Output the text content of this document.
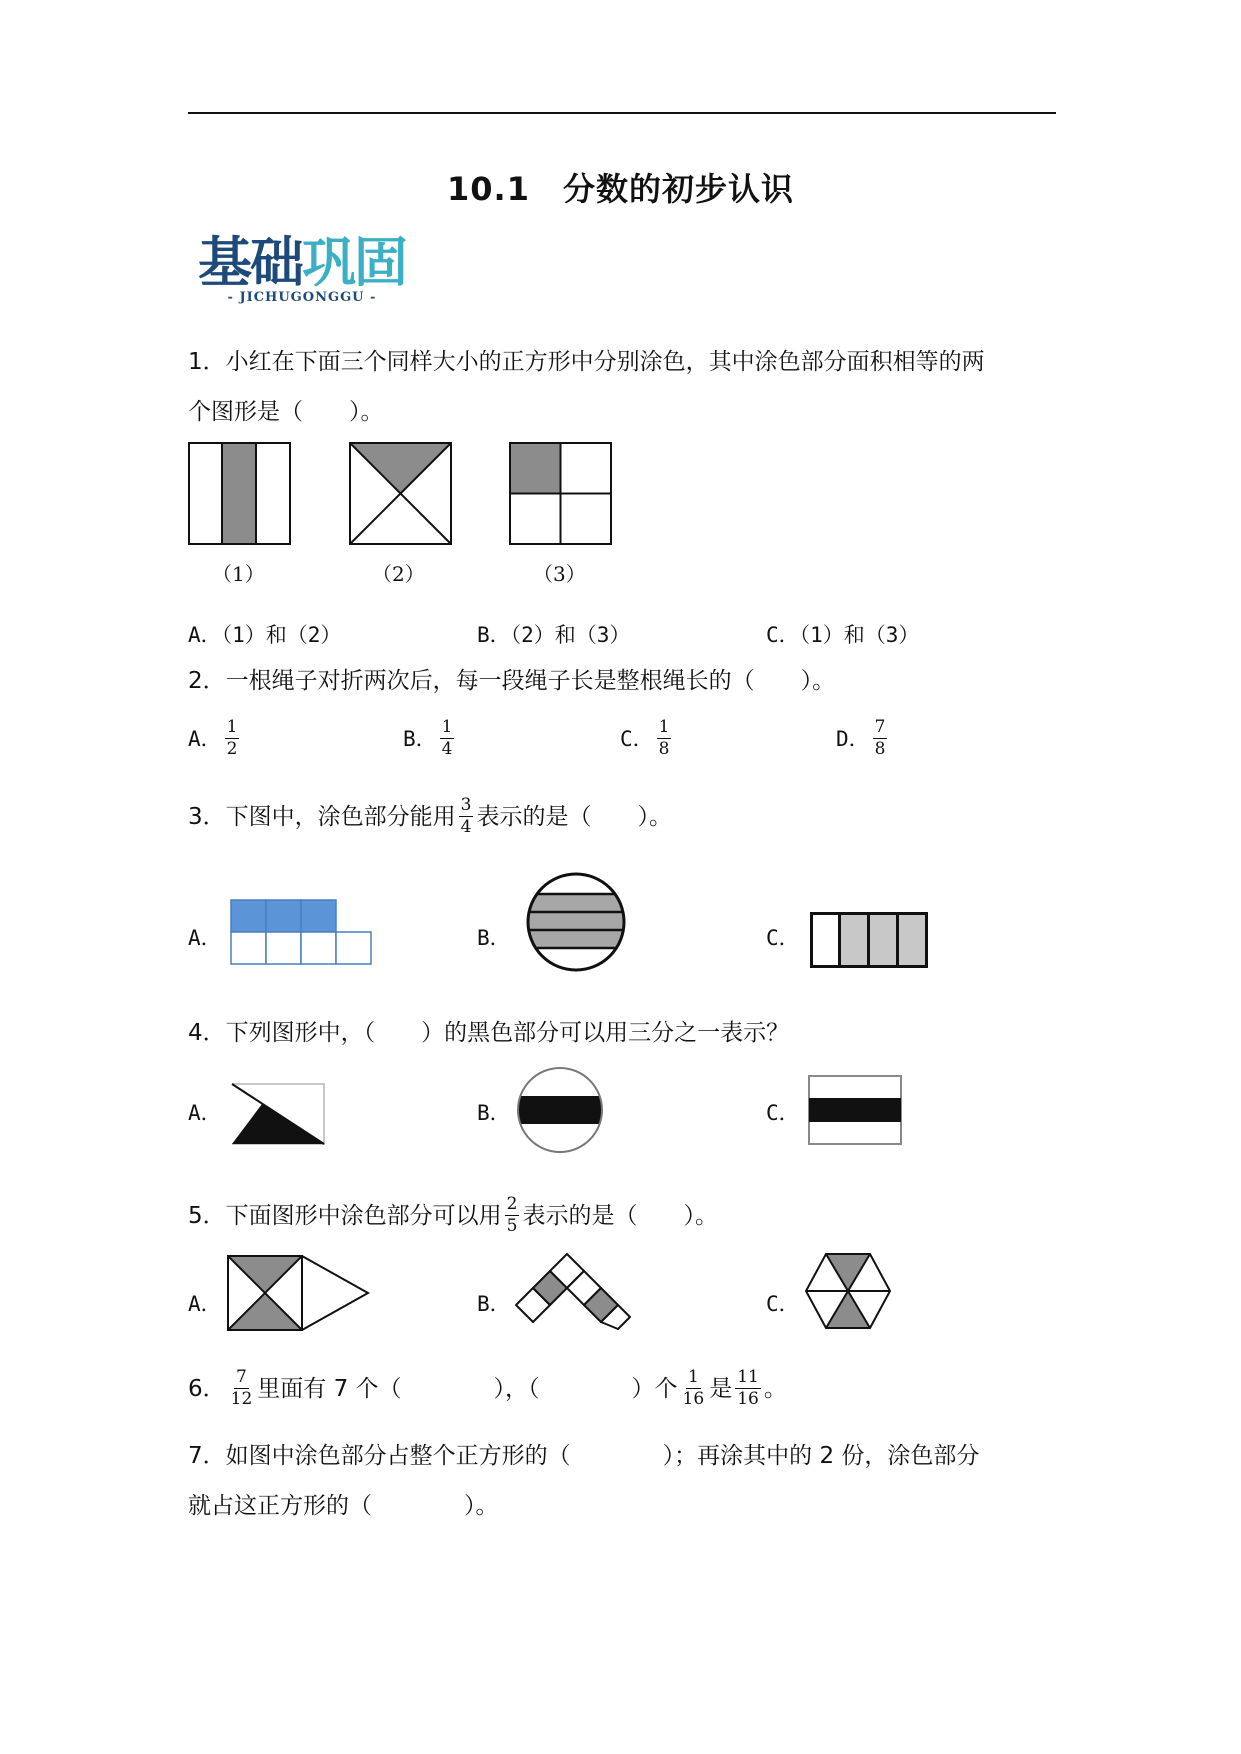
10.1　分数的初步认识
基础巩固
- JICHUGONGGU -
1．小红在下面三个同样大小的正方形中分别涂色，其中涂色部分面积相等的两
个图形是（　　）。
（1）	（2）	（3）
A．（1）和（2）	B．（2）和（3）	C．（1）和（3）
2．一根绳子对折两次后，每一段绳子长是整根绳长的（　　）。
A． $\frac{1}{2}$	B． $\frac{1}{4}$	C． $\frac{1}{8}$	D． $\frac{7}{8}$
3．下图中，涂色部分能用 $\frac{3}{4}$ 表示的是（　　）。
A．	B．	C．
4．下列图形中，（　　）的黑色部分可以用三分之一表示？
A．	B．	C．
5．下面图形中涂色部分可以用 $\frac{2}{5}$ 表示的是（　　）。
A．	B．	C．
6． $\frac{7}{12}$ 里面有 7 个（　　　　），（　　　　）个 $\frac{1}{16}$ 是 $\frac{11}{16}$ 。
7．如图中涂色部分占整个正方形的（　　　　）；再涂其中的 2 份，涂色部分
就占这正方形的（　　　　）。
